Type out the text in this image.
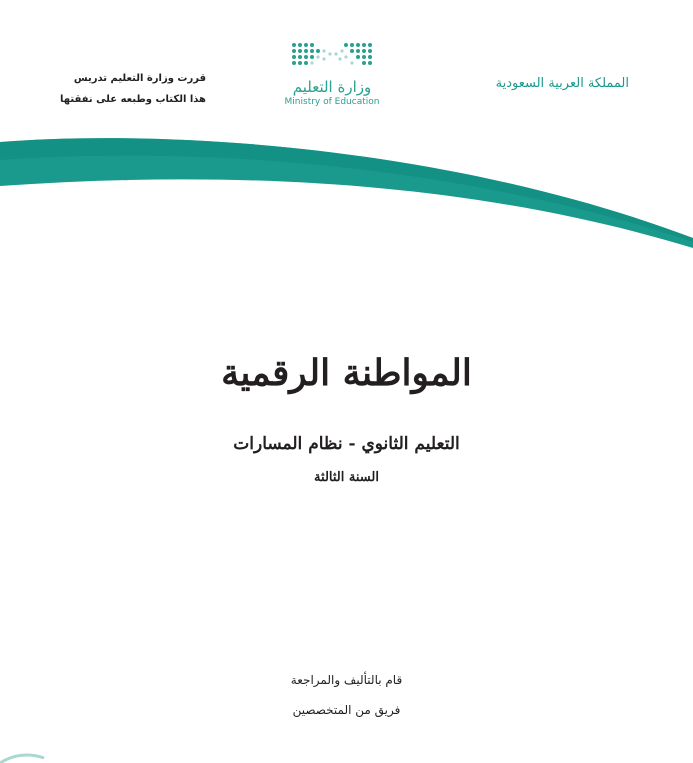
المملكة العربية السعودية
قررت وزارة التعليم تدريس
هذا الكتاب وطبعه على نفقتها
وزارة التعليم
Ministry of Education
المواطنة الرقمية
التعليم الثانوي - نظام المسارات
السنة الثالثة
قام بالتأليف والمراجعة
فريق من المتخصصين
